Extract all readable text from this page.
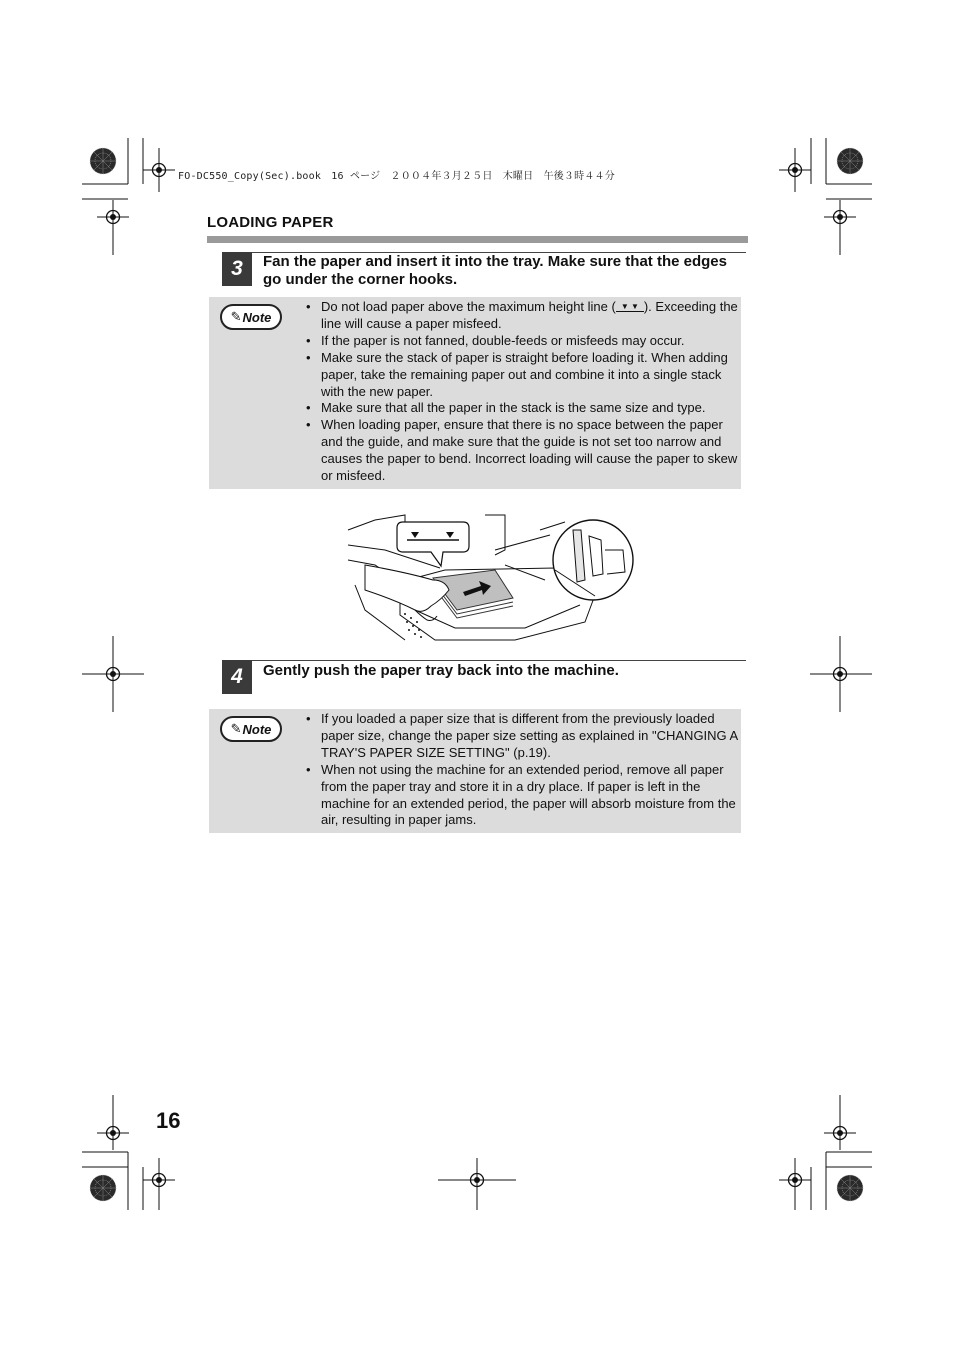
FO-DC550_Copy(Sec).book　16 ページ　２００４年３月２５日　木曜日　午後３時４４分
LOADING PAPER
3	Fan the paper and insert it into the tray. Make sure that the edges go under the corner hooks.
✎ Note
• Do not load paper above the maximum height line ( ▼ ▼ ). Exceeding the line will cause a paper misfeed.
• If the paper is not fanned, double-feeds or misfeeds may occur.
• Make sure the stack of paper is straight before loading it. When adding paper, take the remaining paper out and combine it into a single stack with the new paper.
• Make sure that all the paper in the stack is the same size and type.
• When loading paper, ensure that there is no space between the paper and the guide, and make sure that the guide is not set too narrow and causes the paper to bend. Incorrect loading will cause the paper to skew or misfeed.
4	Gently push the paper tray back into the machine.
✎ Note
• If you loaded a paper size that is different from the previously loaded paper size, change the paper size setting as explained in "CHANGING A TRAY'S PAPER SIZE SETTING" (p.19).
• When not using the machine for an extended period, remove all paper from the paper tray and store it in a dry place. If paper is left in the machine for an extended period, the paper will absorb moisture from the air, resulting in paper jams.
16
